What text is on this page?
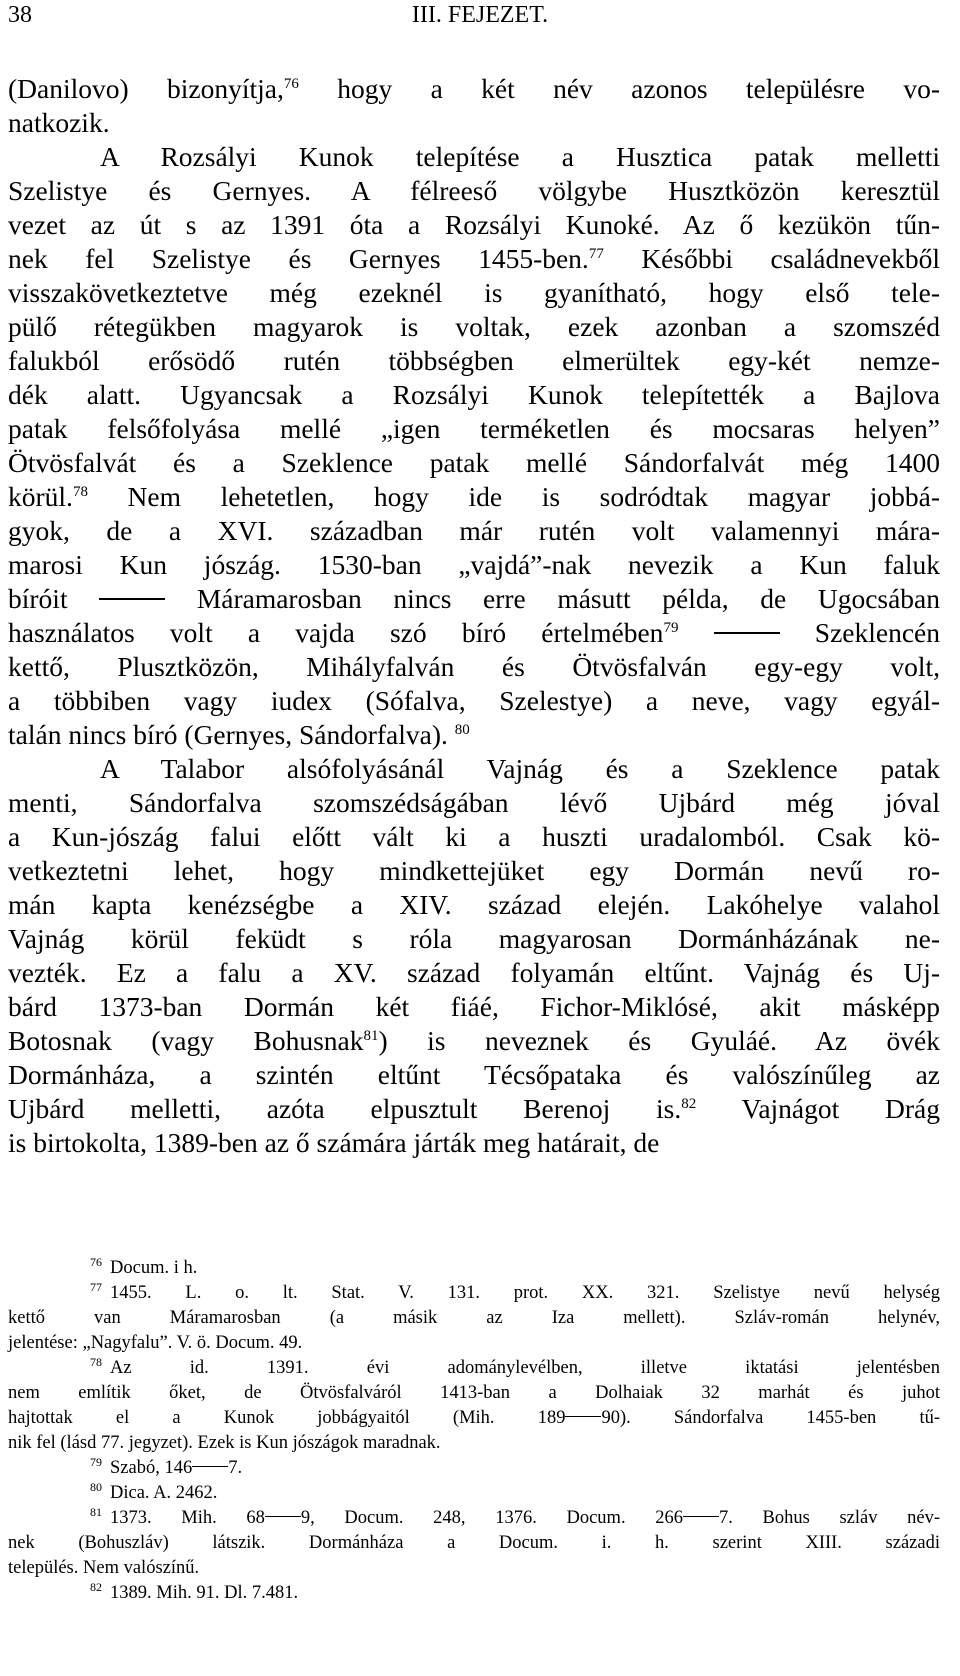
38	III. FEJEZET.
(Danilovo) bizonyítja,$^{76}$ hogy a két név azonos településre vo-
natkozik.
A Rozsályi Kunok telepítése a Husztica patak melletti
Szelistye és Gernyes. A félreeső völgybe Husztközön keresztül
vezet az út s az 1391 óta a Rozsályi Kunoké. Az ő kezükön tűn-
nek fel Szelistye és Gernyes 1455-ben.$^{77}$ Későbbi családnevekből
visszakövetkeztetve még ezeknél is gyanítható, hogy első tele-
pülő rétegükben magyarok is voltak, ezek azonban a szomszéd
falukból erősödő rutén többségben elmerültek egy-két nemze-
dék alatt. Ugyancsak a Rozsályi Kunok telepítették a Bajlova
patak felsőfolyása mellé „igen terméketlen és mocsaras helyen”
Ötvösfalvát és a Szeklence patak mellé Sándorfalvát még 1400
körül.$^{78}$ Nem lehetetlen, hogy ide is sodródtak magyar jobbá-
gyok, de a XVI. században már rutén volt valamennyi mára-
marosi Kun jószág. 1530-ban „vajdá”-nak nevezik a Kun faluk
bíróit	Máramarosban nincs erre másutt példa, de Ugocsában
használatos volt a vajda szó bíró értelmében$^{79}$	Szeklencén
kettő, Plusztközön, Mihályfalván és Ötvösfalván egy-egy volt,
a többiben vagy iudex (Sófalva, Szelestye) a neve, vagy egyál-
talán nincs bíró (Gernyes, Sándorfalva). $^{80}$
A Talabor alsófolyásánál Vajnág és a Szeklence patak
menti, Sándorfalva szomszédságában lévő Ujbárd még jóval
a Kun-jószág falui előtt vált ki a huszti uradalomból. Csak kö-
vetkeztetni lehet, hogy mindkettejüket egy Dormán nevű ro-
mán kapta kenézségbe a XIV. század elején. Lakóhelye valahol
Vajnág körül feküdt s róla magyarosan Dormánházának ne-
vezték. Ez a falu a XV. század folyamán eltűnt. Vajnág és Uj-
bárd 1373-ban Dormán két fiáé, Fichor-Miklósé, akit másképp
Botosnak (vagy Bohusnak$^{81}$) is neveznek és Gyuláé. Az övék
Dormánháza, a szintén eltűnt Técsőpataka és valószínűleg az
Ujbárd melletti, azóta elpusztult Berenoj is.$^{82}$ Vajnágot Drág
is birtokolta, 1389-ben az ő számára járták meg határait, de
$^{76}$ Docum. i h.
$^{77}$ 1455. L. o. lt. Stat. V. 131. prot. XX. 321. Szelistye nevű helység
kettő van Máramarosban (a másik az Iza mellett). Szláv-román helynév,
jelentése: „Nagyfalu”. V. ö. Docum. 49.
$^{78}$ Az id. 1391. évi adománylevélben, illetve iktatási jelentésben
nem említik őket, de Ötvösfalváról 1413-ban a Dolhaiak 32 marhát és juhot
hajtottak el a Kunok jobbágyaitól (Mih. 189 90). Sándorfalva 1455-ben tű-
nik fel (lásd 77. jegyzet). Ezek is Kun jószágok maradnak.
$^{79}$ Szabó, 146 7.
$^{80}$ Dica. A. 2462.
$^{81}$ 1373. Mih. 68 9, Docum. 248, 1376. Docum. 266 7. Bohus szláv név-
nek (Bohuszláv) látszik. Dormánháza a Docum. i. h. szerint XIII. századi
település. Nem valószínű.
$^{82}$ 1389. Mih. 91. Dl. 7.481.
